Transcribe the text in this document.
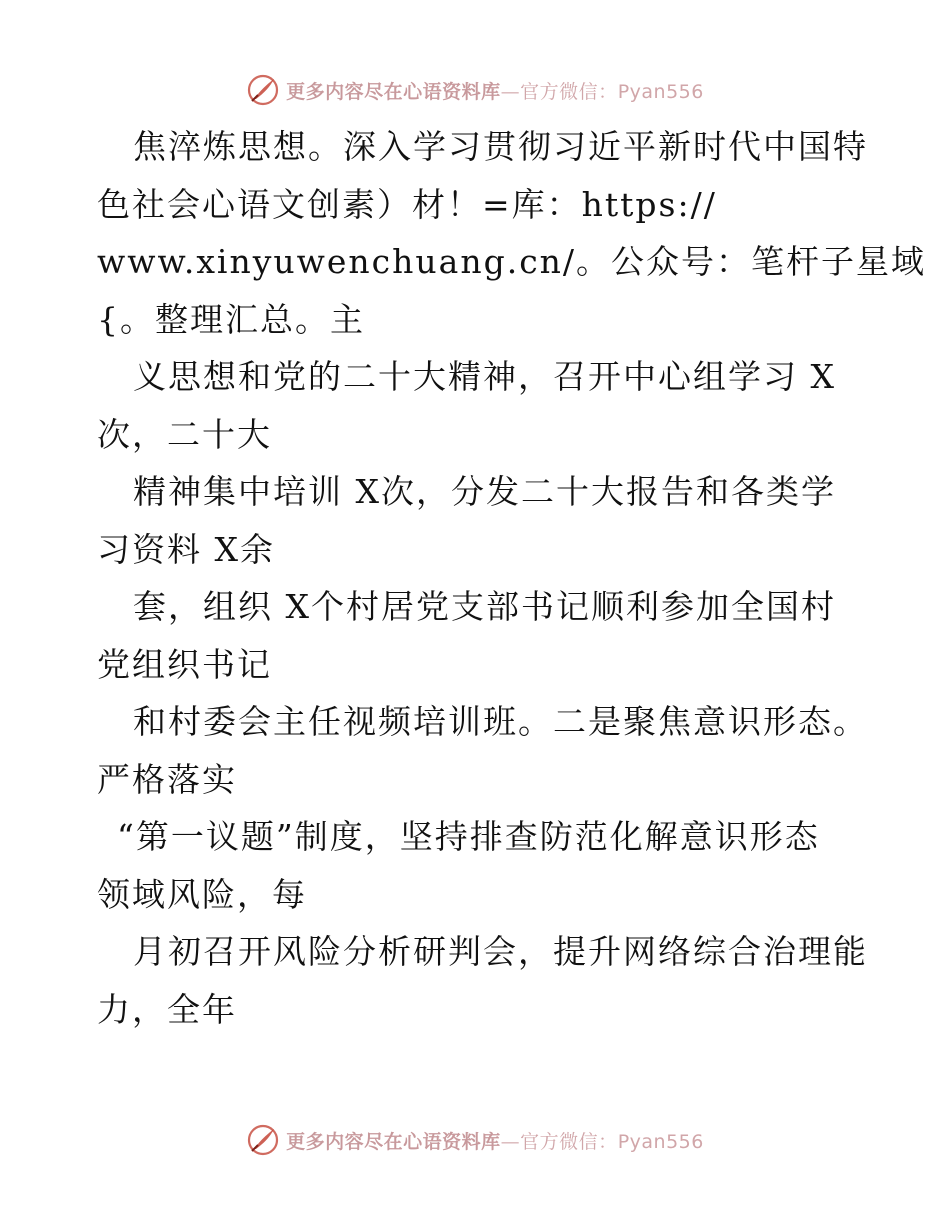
更多内容尽在心语资料库—官方微信：Pyan556
焦淬炼思想。深入学习贯彻习近平新时代中国特
色社会心语文创素）材！=库：https://
www.xinyuwenchuang.cn/。公众号：笔杆子星域
{。整理汇总。主
义思想和党的二十大精神，召开中心组学习 X
次，二十大
精神集中培训 X次，分发二十大报告和各类学
习资料 X余
套，组织 X个村居党支部书记顺利参加全国村
党组织书记
和村委会主任视频培训班。二是聚焦意识形态。
严格落实
“第一议题”制度，坚持排查防范化解意识形态
领域风险，每
月初召开风险分析研判会，提升网络综合治理能
力，全年
更多内容尽在心语资料库—官方微信：Pyan556
